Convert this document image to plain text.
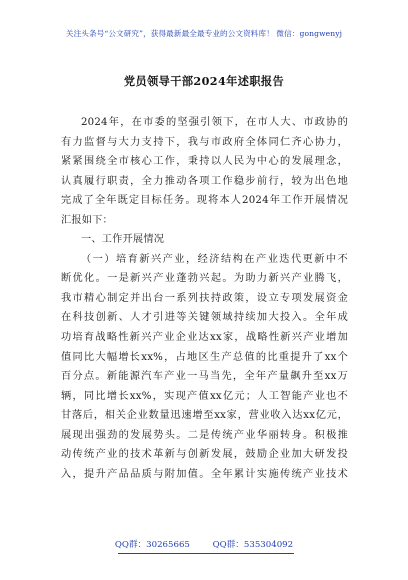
关注头条号“公文研究”，获得最新最全最专业的公文资料库！ 微信：gongwenyj
党员领导干部2024年述职报告
2024年，在市委的坚强引领下，在市人大、市政协的
有力监督与大力支持下，我与市政府全体同仁齐心协力，
紧紧围绕全市核心工作，秉持以人民为中心的发展理念，
认真履行职责，全力推动各项工作稳步前行，较为出色地
完成了全年既定目标任务。现将本人2024年工作开展情况
汇报如下：
一、工作开展情况
（一）培育新兴产业，经济结构在产业迭代更新中不
断优化。一是新兴产业蓬勃兴起。为助力新兴产业腾飞，
我市精心制定并出台一系列扶持政策，设立专项发展资金
在科技创新、人才引进等关键领域持续加大投入。全年成
功培育战略性新兴产业企业达xx家，战略性新兴产业增加
值同比大幅增长xx%，占地区生产总值的比重提升了xx个
百分点。新能源汽车产业一马当先，全年产量飙升至xx万
辆，同比增长xx%，实现产值xx亿元；人工智能产业也不
甘落后，相关企业数量迅速增至xx家，营业收入达xx亿元，
展现出强劲的发展势头。二是传统产业华丽转身。积极推
动传统产业的技术革新与创新发展，鼓励企业加大研发投
入，提升产品品质与附加值。全年累计实施传统产业技术
QQ群：30265665	QQ群：535304092
